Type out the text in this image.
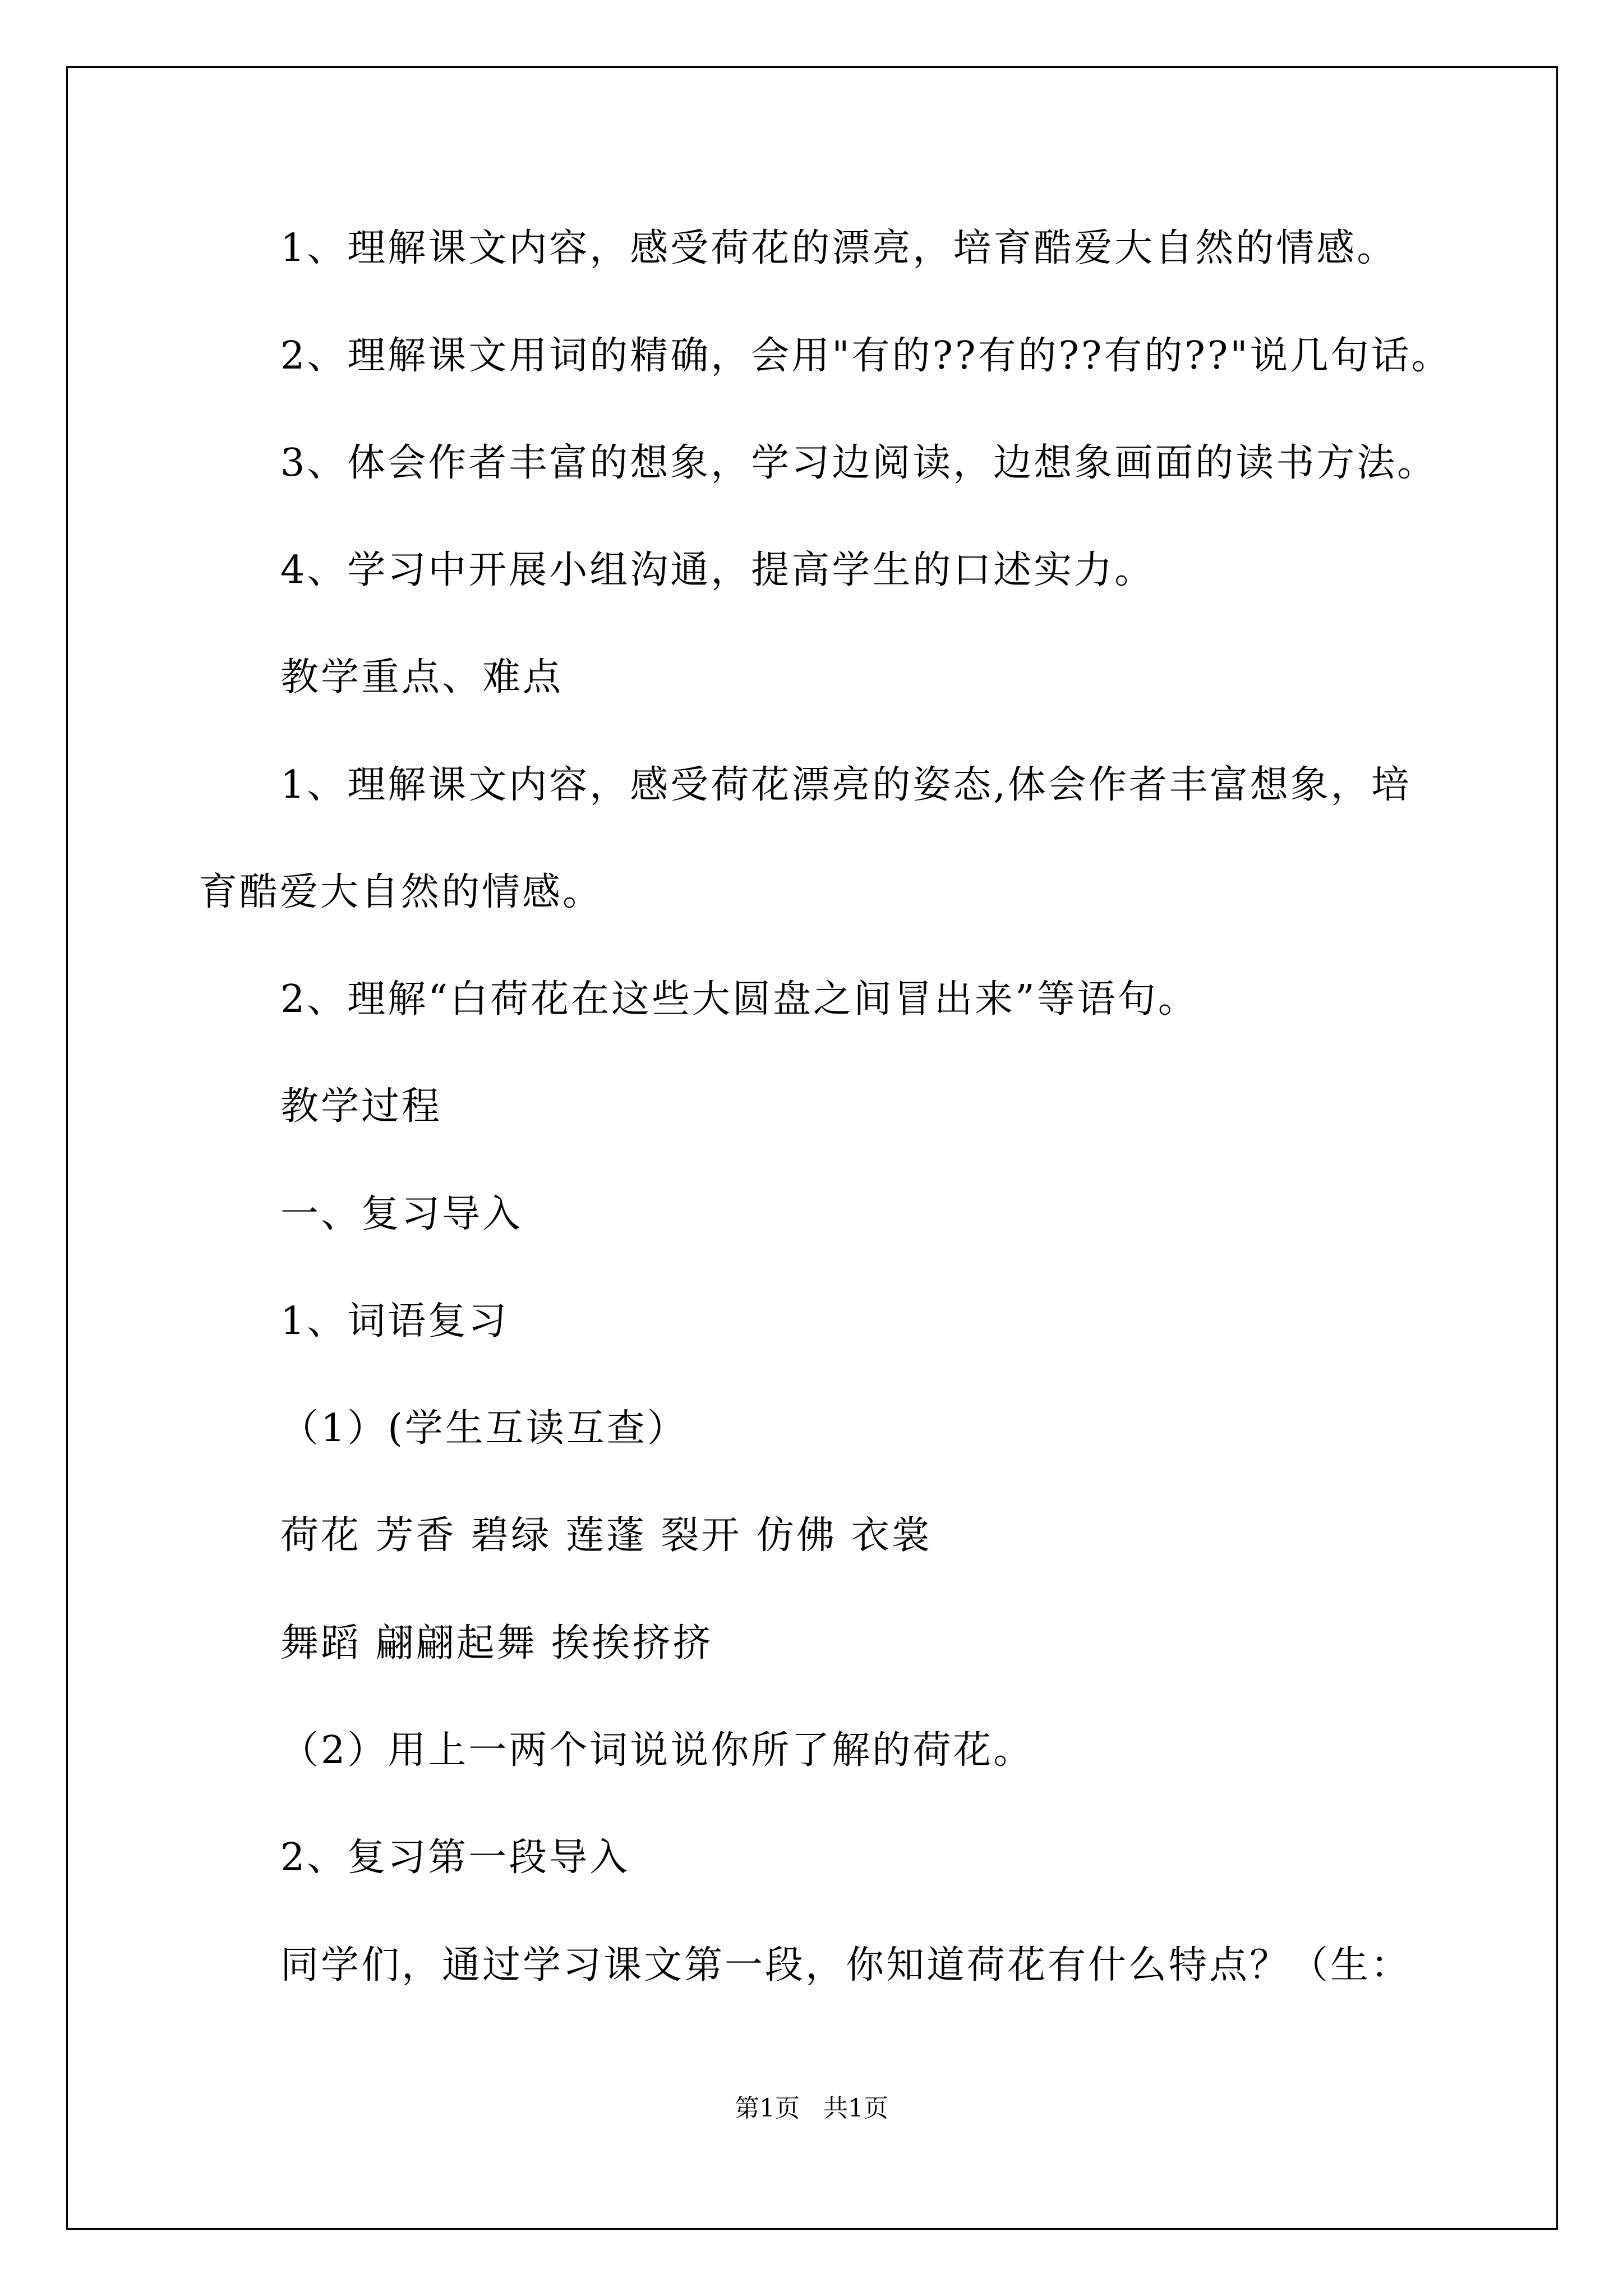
1、理解课文内容，感受荷花的漂亮，培育酷爱大自然的情感。
2、理解课文用词的精确，会用"有的??有的??有的??"说几句话。
3、体会作者丰富的想象，学习边阅读，边想象画面的读书方法。
4、学习中开展小组沟通，提高学生的口述实力。
教学重点、难点
1、理解课文内容，感受荷花漂亮的姿态,体会作者丰富想象，培
育酷爱大自然的情感。
2、理解“白荷花在这些大圆盘之间冒出来”等语句。
教学过程
一、复习导入
1、词语复习
（1）(学生互读互查）
荷花 芳香 碧绿 莲蓬 裂开 仿佛 衣裳
舞蹈 翩翩起舞 挨挨挤挤
（2）用上一两个词说说你所了解的荷花。
2、复习第一段导入
同学们，通过学习课文第一段，你知道荷花有什么特点？（生：
第1页   共1页
